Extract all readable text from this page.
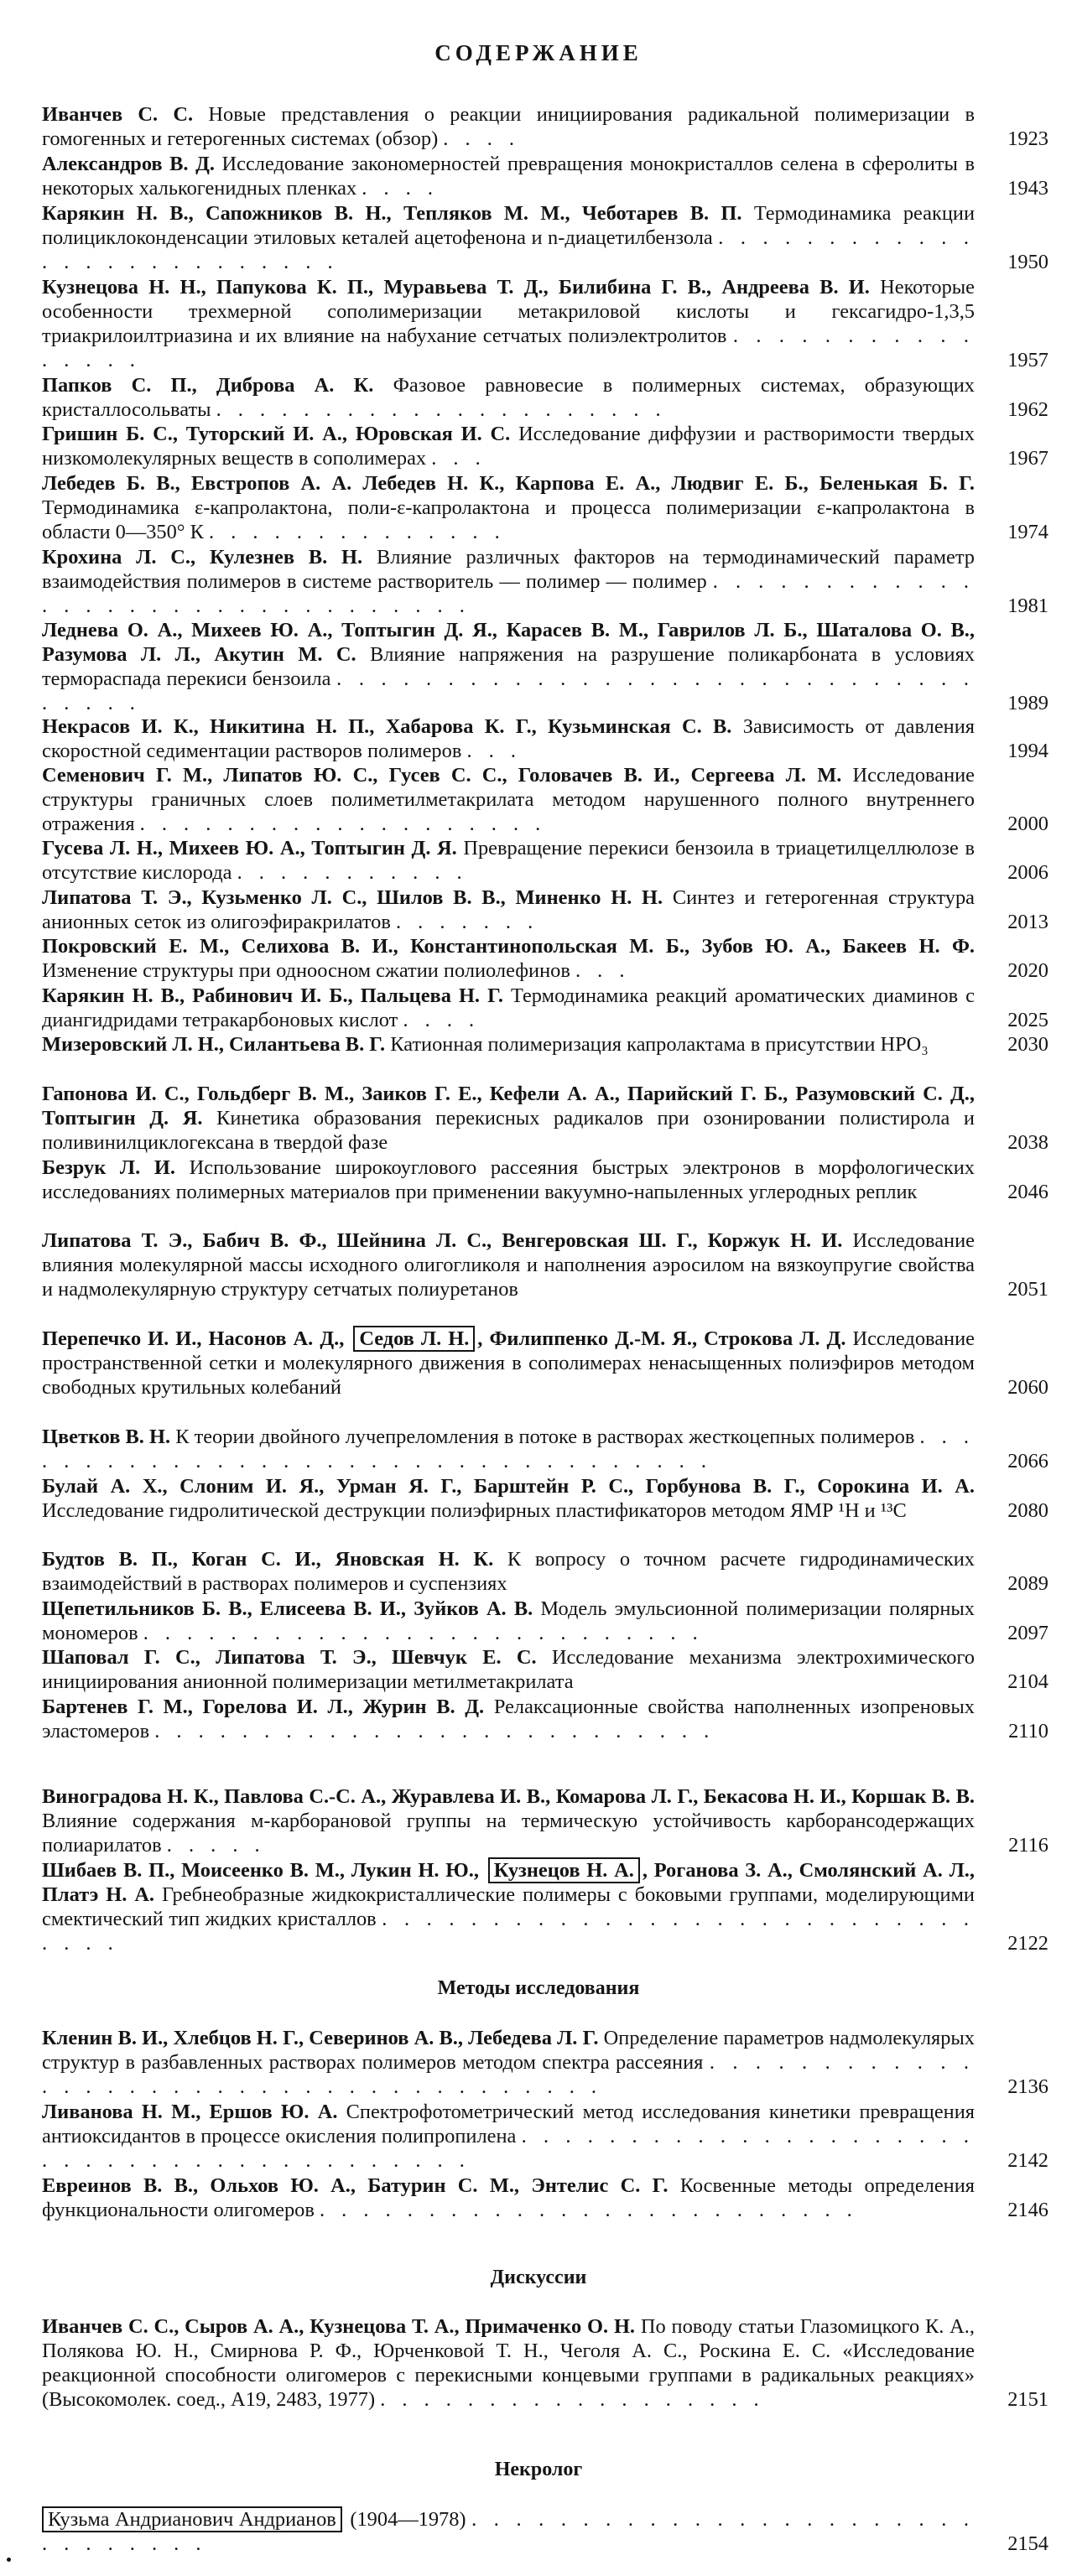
СОДЕРЖАНИЕ
Иванчев С. С. Новые представления о реакции инициирования радикальной полимеризации в гомогенных и гетерогенных системах (обзор) . . . .	1923
Александров В. Д. Исследование закономерностей превращения монокристаллов селена в сферолиты в некоторых халькогенидных пленках . . . .	1943
Карякин Н. В., Сапожников В. Н., Тепляков М. М., Чеботарев В. П. Термодинамика реакции полициклоконденсации этиловых кеталей ацетофенона и n-диацетилбензола . . . . . . . . . . . . . . . . . . . . . . . . . .	1950
Кузнецова Н. Н., Папукова К. П., Муравьева Т. Д., Билибина Г. В., Андреева В. И. Некоторые особенности трехмерной сополимеризации метакриловой кислоты и гексагидро-1,3,5 триакрилоилтриазина и их влияние на набухание сетчатых полиэлектролитов . . . . . . . . . . . . . . . .	1957
Папков С. П., Диброва А. К. Фазовое равновесие в полимерных системах, образующих кристаллосольваты . . . . . . . . . . . . . . . . . . . . .	1962
Гришин Б. С., Туторский И. А., Юровская И. С. Исследование диффузии и растворимости твердых низкомолекулярных веществ в сополимерах . . .	1967
Лебедев Б. В., Евстропов А. А. Лебедев Н. К., Карпова Е. А., Людвиг Е. Б., Беленькая Б. Г. Термодинамика ε-капролактона, поли-ε-капролактона и процесса полимеризации ε-капролактона в области 0—350° К . . . . . . . . . . . . . .	1974
Крохина Л. С., Кулезнев В. Н. Влияние различных факторов на термодинамический параметр взаимодействия полимеров в системе растворитель — полимер — полимер . . . . . . . . . . . . . . . . . . . . . . . . . . . . . . . .	1981
Леднева О. А., Михеев Ю. А., Топтыгин Д. Я., Карасев В. М., Гаврилов Л. Б., Шаталова О. В., Разумова Л. Л., Акутин М. С. Влияние напряжения на разрушение поликарбоната в условиях термораспада перекиси бензоила . . . . . . . . . . . . . . . . . . . . . . . . . . . . . . . . . .	1989
Некрасов И. К., Никитина Н. П., Хабарова К. Г., Кузьминская С. В. Зависимость от давления скоростной седиментации растворов полимеров . . .	1994
Семенович Г. М., Липатов Ю. С., Гусев С. С., Головачев В. И., Сергеева Л. М. Исследование структуры граничных слоев полиметилметакрилата методом нарушенного полного внутреннего отражения . . . . . . . . . . . . . . . . . . .	2000
Гусева Л. Н., Михеев Ю. А., Топтыгин Д. Я. Превращение перекиси бензоила в триацетилцеллюлозе в отсутствие кислорода . . . . . . . . . . .	2006
Липатова Т. Э., Кузьменко Л. С., Шилов В. В., Миненко Н. Н. Синтез и гетерогенная структура анионных сеток из олигоэфиракрилатов . . . . . . .	2013
Покровский Е. М., Селихова В. И., Константинопольская М. Б., Зубов Ю. А., Бакеев Н. Ф. Изменение структуры при одноосном сжатии полиолефинов . . .	2020
Карякин Н. В., Рабинович И. Б., Пальцева Н. Г. Термодинамика реакций ароматических диаминов с диангидридами тетракарбоновых кислот . . . .	2025
Мизеровский Л. Н., Силантьева В. Г. Катионная полимеризация капролактама в присутствии HPO₃	2030
Гапонова И. С., Гольдберг В. М., Заиков Г. Е., Кефели А. А., Парийский Г. Б., Разумовский С. Д., Топтыгин Д. Я. Кинетика образования перекисных радикалов при озонировании полистирола и поливинилциклогексана в твердой фазе	2038
Безрук Л. И. Использование широкоуглового рассеяния быстрых электронов в морфологических исследованиях полимерных материалов при применении вакуумно-напыленных углеродных реплик	2046
Липатова Т. Э., Бабич В. Ф., Шейнина Л. С., Венгеровская Ш. Г., Коржук Н. И. Исследование влияния молекулярной массы исходного олигогликоля и наполнения аэросилом на вязкоупругие свойства и надмолекулярную структуру сетчатых полиуретанов	2051
Перепечко И. И., Насонов А. Д., Седов Л. Н. , Филиппенко Д.-М. Я., Строкова Л. Д. Исследование пространственной сетки и молекулярного движения в сополимерах ненасыщенных полиэфиров методом свободных крутильных колебаний	2060
Цветков В. Н. К теории двойного лучепреломления в потоке в растворах жесткоцепных полимеров . . . . . . . . . . . . . . . . . . . . . . . . . . . . . . . . . .	2066
Булай А. Х., Слоним И. Я., Урман Я. Г., Барштейн Р. С., Горбунова В. Г., Сорокина И. А. Исследование гидролитической деструкции полиэфирных пластификаторов методом ЯМР ¹H и ¹³C	2080
Будтов В. П., Коган С. И., Яновская Н. К. К вопросу о точном расчете гидродинамических взаимодействий в растворах полимеров и суспензиях	2089
Щепетильников Б. В., Елисеева В. И., Зуйков А. В. Модель эмульсионной полимеризации полярных мономеров . . . . . . . . . . . . . . . . . . . . . . . . . .	2097
Шаповал Г. С., Липатова Т. Э., Шевчук Е. С. Исследование механизма электрохимического инициирования анионной полимеризации метилметакрилата	2104
Бартенев Г. М., Горелова И. Л., Журин В. Д. Релаксационные свойства наполненных изопреновых эластомеров . . . . . . . . . . . . . . . . . . . . . . . . . .	2110
Виноградова Н. К., Павлова С.-С. А., Журавлева И. В., Комарова Л. Г., Бекасова Н. И., Коршак В. В. Влияние содержания м-карборановой группы на термическую устойчивость карборансодержащих полиарилатов . . . . .	2116
Шибаев В. П., Моисеенко В. М., Лукин Н. Ю., Кузнецов Н. А. , Роганова З. А., Смолянский А. Л., Платэ Н. А. Гребнеобразные жидкокристаллические полимеры с боковыми группами, моделирующими смектический тип жидких кристаллов . . . . . . . . . . . . . . . . . . . . . . . . . . . . . . .	2122
Методы исследования
Кленин В. И., Хлебцов Н. Г., Северинов А. В., Лебедева Л. Г. Определение параметров надмолекулярых структур в разбавленных растворах полимеров методом спектра рассеяния . . . . . . . . . . . . . . . . . . . . . . . . . . . . . . . . . . . . . .	2136
Ливанова Н. М., Ершов Ю. А. Спектрофотометрический метод исследования кинетики превращения антиоксидантов в процессе окисления полипропилена . . . . . . . . . . . . . . . . . . . . . . . . . . . . . . . . . . . . . . . . .	2142
Евреинов В. В., Ольхов Ю. А., Батурин С. М., Энтелис С. Г. Косвенные методы определения функциональности олигомеров . . . . . . . . . . . . . . . . . . . . . . . . .	2146
Дискуссии
Иванчев С. С., Сыров А. А., Кузнецова Т. А., Примаченко О. Н. По поводу статьи Глазомицкого К. А., Полякова Ю. Н., Смирнова Р. Ф., Юрченковой Т. Н., Чеголя А. С., Роскина Е. С. «Исследование реакционной способности олигомеров с перекисными концевыми группами в радикальных реакциях» (Высокомолек. соед., A19, 2483, 1977) . . . . . . . . . . . . . . . . . .	2151
Некролог
Кузьма Андрианович Андрианов (1904—1978) . . . . . . . . . . . . . . . . . . . . . . . . . . . . . . .	2154
